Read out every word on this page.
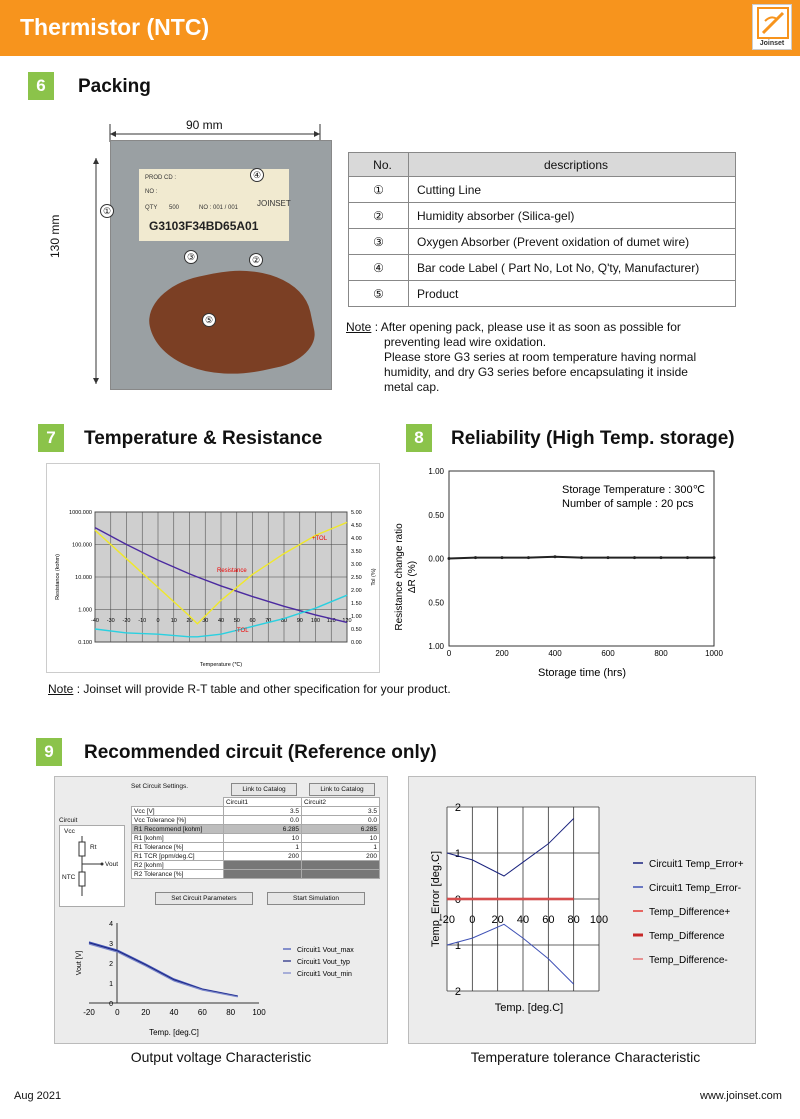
Thermistor (NTC)
Joinset
6	Packing
90 mm
130 mm
PROD CD :
NO :
QTY 500	NO : 001 / 001 JOINSET
G3103F34BD65A01
①
②
③
④
⑤
No.	descriptions
①	Cutting Line
②	Humidity absorber (Silica-gel)
③	Oxygen Absorber (Prevent oxidation of dumet wire)
④	Bar code Label ( Part No, Lot No, Q'ty, Manufacturer)
⑤	Product
Note : After opening pack, please use it as soon as possible for
preventing lead wire oxidation.
Please store G3 series at room temperature having normal
humidity, and dry G3 series before encapsulating it inside
metal cap.
7	Temperature & Resistance
-40 -30 -20 -10 0 10 20 30 40 50 60 70 80 90 100 110 120
1000.000
100.000
10.000
1.000
0.100
5.00
4.50
4.00
3.50
3.00
2.50
2.00
1.50
1.00
0.50
0.00
Resistance
+TOL
-TOL
Temperature (℃)
Resistance (kohm)	Tol (%)
Note : Joinset will provide R-T table and other specification for your product.
8	Reliability (High Temp. storage)
1.00
0.50
0.00
0.50
1.00
0	200	400	600	800	1000
Storage Temperature : 300℃
Number of sample : 20 pcs
Storage time (hrs)
Resistance change ratio ΔR (%)
9	Recommended circuit (Reference only)
Set Circuit Settings.	Link to Catalog	Link to Catalog
	Circuit1	Circuit2
Vcc [V]	3.5	3.5
Vcc Tolerance [%]	0.0	0.0
R1 Recommend [kohm]	6.285	6.285
R1 [kohm]	10	10
R1 Tolerance [%]	1	1
R1 TCR [ppm/deg.C]	200	200
R2 [kohm]		
R2 Tolerance [%]		
Circuit
Vcc
Rt
Vout
NTC
Set Circuit Parameters	Start Simulation
-20	0	20 40 60 80 100
0
1
2
3
4
Temp. [deg.C]
Vout [V]
Circuit1 Vout_max
Circuit1 Vout_typ
Circuit1 Vout_min
-20 0 20 40 60 80 100
2
1
0
1
2
Temp. [deg.C]
Temp_Error [deg.C]	Circuit1 Temp_Error+
Circuit1 Temp_Error-
Temp_Difference+
Temp_Difference
Temp_Difference-
Output voltage Characteristic	Temperature tolerance Characteristic
Aug 2021	www.joinset.com
